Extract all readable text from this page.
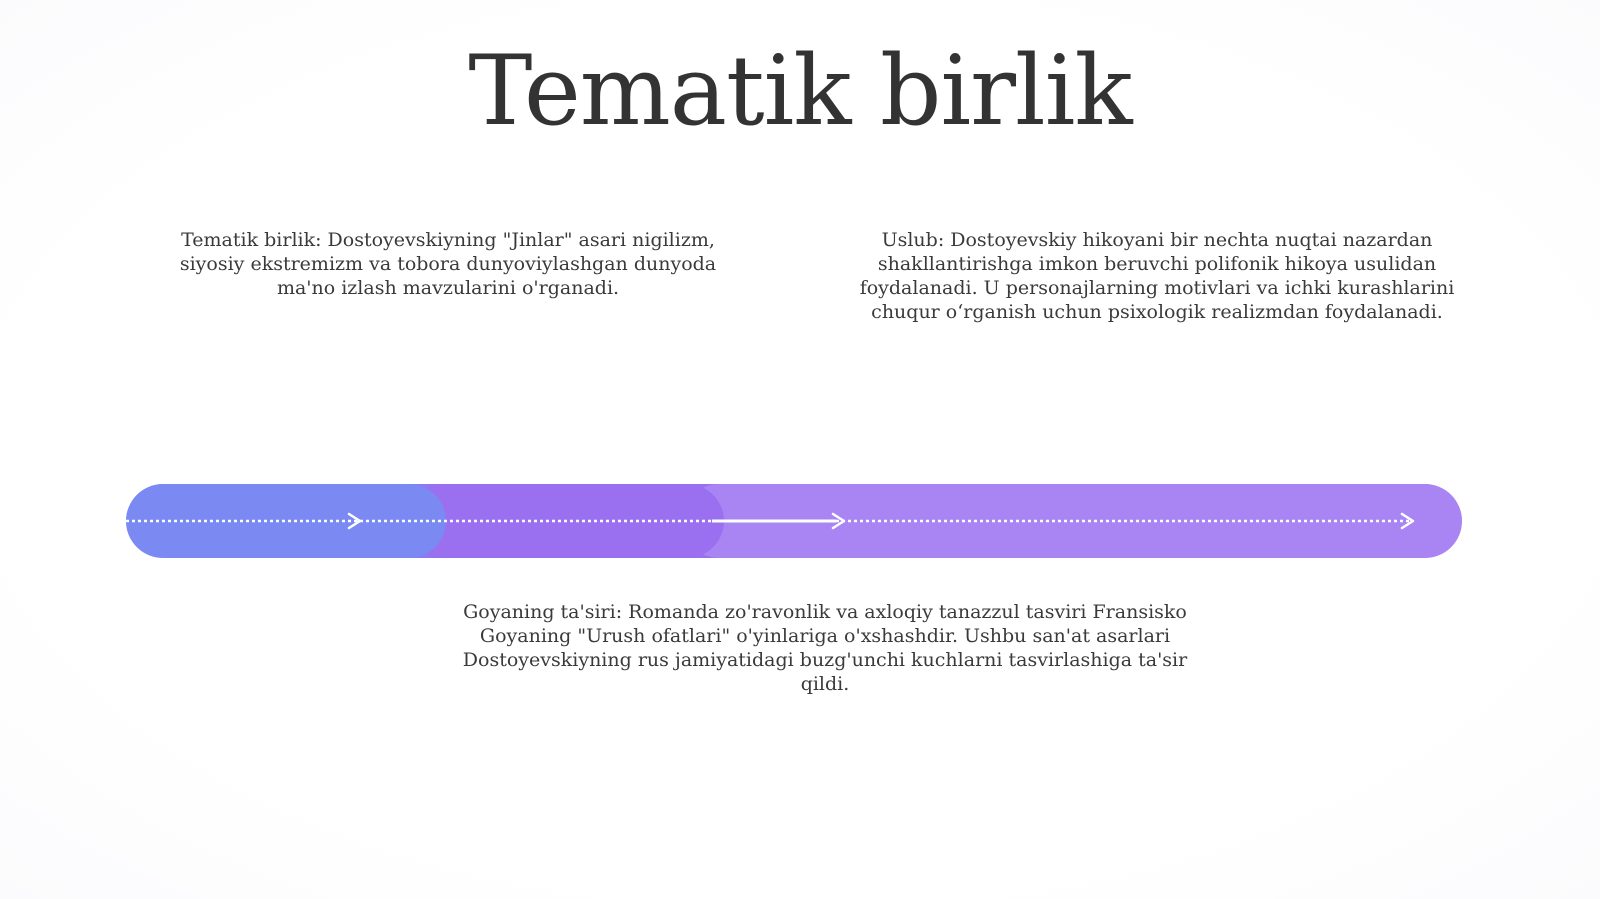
Tematik birlik
Tematik birlik: Dostoyevskiyning "Jinlar" asari nigilizm, siyosiy ekstremizm va tobora dunyoviylashgan dunyoda ma'no izlash mavzularini o'rganadi.
Uslub: Dostoyevskiy hikoyani bir nechta nuqtai nazardan shakllantirishga imkon beruvchi polifonik hikoya usulidan foydalanadi. U personajlarning motivlari va ichki kurashlarini chuqur o‘rganish uchun psixologik realizmdan foydalanadi.
Goyaning ta'siri: Romanda zo'ravonlik va axloqiy tanazzul tasviri Fransisko Goyaning "Urush ofatlari" o'yinlariga o'xshashdir. Ushbu san'at asarlari Dostoyevskiyning rus jamiyatidagi buzg'unchi kuchlarni tasvirlashiga ta'sir qildi.
